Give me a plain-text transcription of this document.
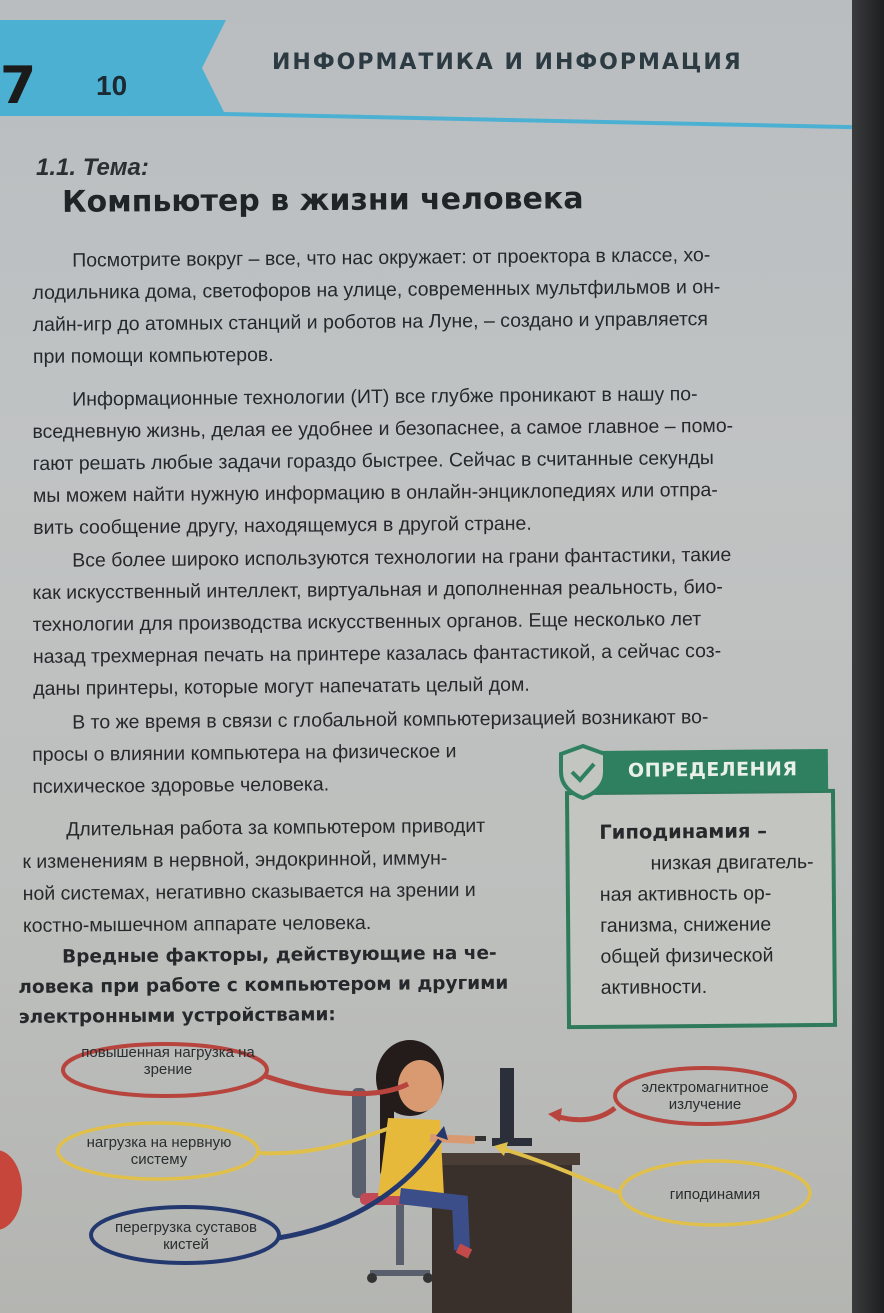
7 10
ИНФОРМАТИКА И ИНФОРМАЦИЯ
1.1. Тема:
Компьютер в жизни человека
Посмотрите вокруг – все, что нас окружает: от проектора в классе, хо-
лодильника дома, светофоров на улице, современных мультфильмов и он-
лайн-игр до атомных станций и роботов на Луне, – создано и управляется
при помощи компьютеров.
Информационные технологии (ИТ) все глубже проникают в нашу по-
вседневную жизнь, делая ее удобнее и безопаснее, а самое главное – помо-
гают решать любые задачи гораздо быстрее. Сейчас в считанные секунды
мы можем найти нужную информацию в онлайн-энциклопедиях или отпра-
вить сообщение другу, находящемуся в другой стране.
Все более широко используются технологии на грани фантастики, такие
как искусственный интеллект, виртуальная и дополненная реальность, био-
технологии для производства искусственных органов. Еще несколько лет
назад трехмерная печать на принтере казалась фантастикой, а сейчас соз-
даны принтеры, которые могут напечатать целый дом.
В то же время в связи с глобальной компьютеризацией возникают во-
просы о влиянии компьютера на физическое и
психическое здоровье человека.
Длительная работа за компьютером приводит
к изменениям в нервной, эндокринной, иммун-
ной системах, негативно сказывается на зрении и
костно-мышечном аппарате человека.
Вредные факторы, действующие на че-
ловека при работе с компьютером и другими
электронными устройствами:
Гиподинамия –
низкая двигатель-
ная активность ор-
ганизма, снижение
общей физической
активности.
ОПРЕДЕЛЕНИЯ
повышенная нагрузка на зрение
нагрузка на нервную систему
перегрузка суставов кистей
электромагнитное излучение
гиподинамия
